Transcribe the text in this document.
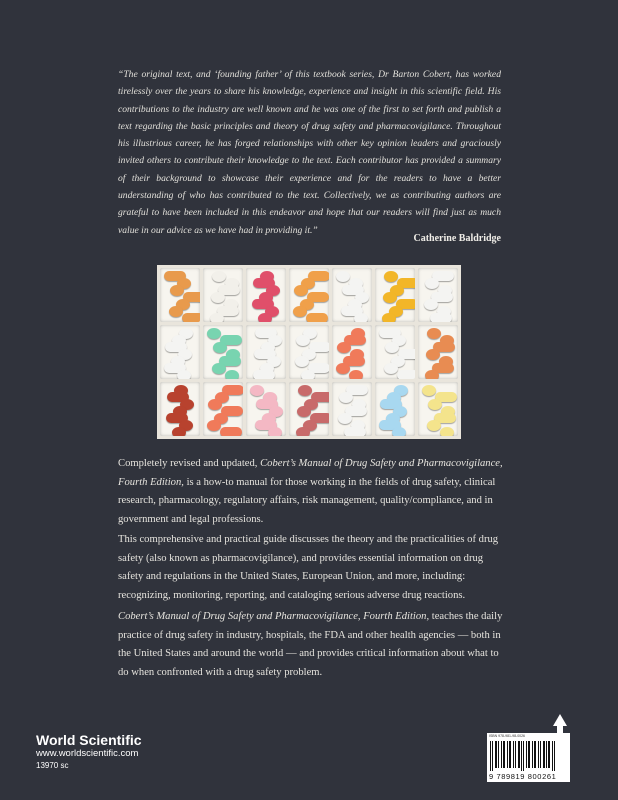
“The original text, and ‘founding father’ of this textbook series, Dr Barton Cobert, has worked tirelessly over the years to share his knowledge, experience and insight in this scientific field. His contributions to the industry are well known and he was one of the first to set forth and publish a text regarding the basic principles and theory of drug safety and pharmacovigilance. Throughout his illustrious career, he has forged relationships with other key opinion leaders and graciously invited others to contribute their knowledge to the text. Each contributor has provided a summary of their background to showcase their experience and for the readers to have a better understanding of who has contributed to the text. Collectively, we as contributing authors are grateful to have been included in this endeavor and hope that our readers will find just as much value in our advice as we have had in providing it.”
Catherine Baldridge
Completely revised and updated, Cobert’s Manual of Drug Safety and Pharmacovigilance, Fourth Edition, is a how-to manual for those working in the fields of drug safety, clinical research, pharmacology, regulatory affairs, risk management, quality/compliance, and in government and legal professions.
This comprehensive and practical guide discusses the theory and the practicalities of drug safety (also known as pharmacovigilance), and provides essential information on drug safety and regulations in the United States, European Union, and more, including: recognizing, monitoring, reporting, and cataloging serious adverse drug reactions.
Cobert’s Manual of Drug Safety and Pharmacovigilance, Fourth Edition, teaches the daily practice of drug safety in industry, hospitals, the FDA and other health agencies — both in the United States and around the world — and provides critical information about what to do when confronted with a drug safety problem.
World Scientific
www.worldscientific.com
13970 sc
ISBN 978-981-98-0026
9 789819 800261
